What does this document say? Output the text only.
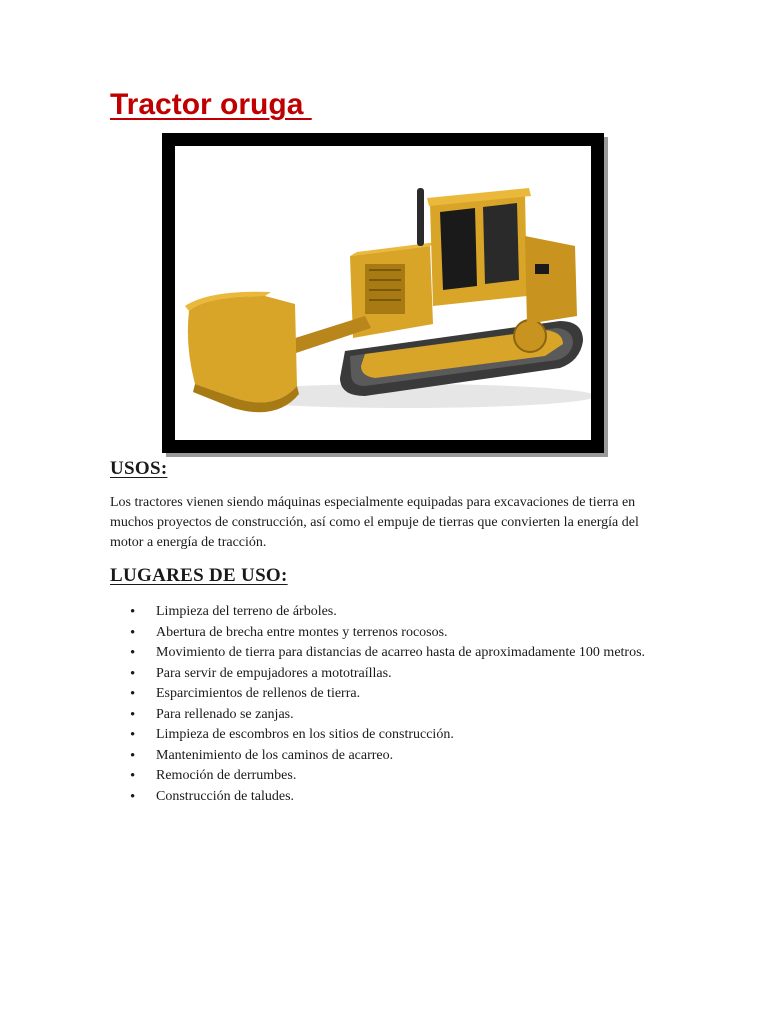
Tractor oruga
USOS:

Los tractores vienen siendo máquinas especialmente equipadas para excavaciones de tierra en muchos proyectos de construcción, así como el empuje de tierras que convierten la energía del motor a energía de tracción.

LUGARES DE USO:
• Limpieza del terreno de árboles.
• Abertura de brecha entre montes y terrenos rocosos.
• Movimiento de tierra para distancias de acarreo hasta de aproximadamente 100 metros.
• Para servir de empujadores a mototraíllas.
• Esparcimientos de rellenos de tierra.
• Para rellenado se zanjas.
• Limpieza de escombros en los sitios de construcción.
• Mantenimiento de los caminos de acarreo.
• Remoción de derrumbes.
• Construcción de taludes.
